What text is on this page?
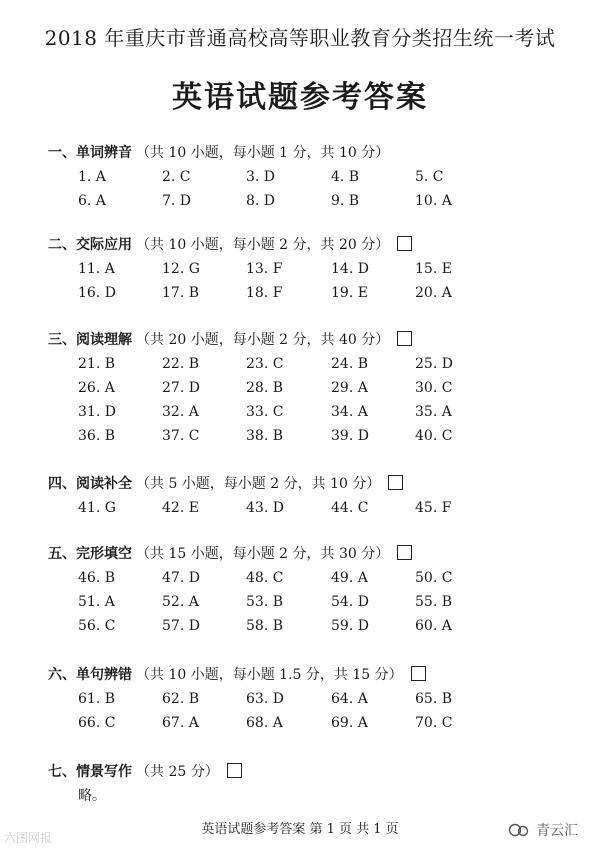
2018 年重庆市普通高校高等职业教育分类招生统一考试
英语试题参考答案
一、单词辨音 （共 10 小题，每小题 1 分，共 10 分）
1. A	2. C	3. D	4. B	5. C
6. A	7. D	8. D	9. B	10. A
二、交际应用 （共 10 小题，每小题 2 分，共 20 分）
11. A	12. G	13. F	14. D	15. E
16. D	17. B	18. F	19. E	20. A
三、阅读理解 （共 20 小题，每小题 2 分，共 40 分）
21. B	22. B	23. C	24. B	25. D
26. A	27. D	28. B	29. A	30. C
31. D	32. A	33. C	34. A	35. A
36. B	37. C	38. B	39. D	40. C
四、阅读补全 （共 5 小题，每小题 2 分，共 10 分）
41. G	42. E	43. D	44. C	45. F
五、完形填空 （共 15 小题，每小题 2 分，共 30 分）
46. B	47. D	48. C	49. A	50. C
51. A	52. A	53. B	54. D	55. B
56. C	57. D	58. B	59. D	60. A
六、单句辨错 （共 10 小题，每小题 1.5 分，共 15 分）
61. B	62. B	63. D	64. A	65. B
66. C	67. A	68. A	69. A	70. C
七、情景写作 （共 25 分）
略。
英语试题参考答案 第 1 页 共 1 页
六图网报	青云汇
